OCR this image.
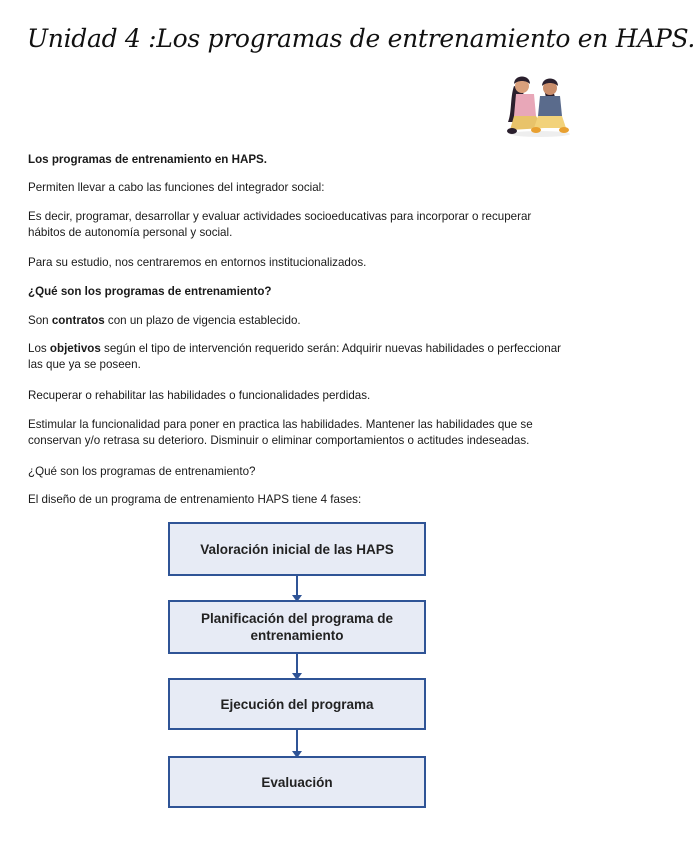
Unidad 4 :Los programas de entrenamiento en HAPS.

Los programas de entrenamiento en HAPS.

Permiten llevar a cabo las funciones del integrador social:

Es decir, programar, desarrollar y evaluar actividades socioeducativas para incorporar o recuperar hábitos de autonomía personal y social.

Para su estudio, nos centraremos en entornos institucionalizados.

¿Qué son los programas de entrenamiento?

Son contratos con un plazo de vigencia establecido.

Los objetivos según el tipo de intervención requerido serán: Adquirir nuevas habilidades o perfeccionar las que ya se poseen.

Recuperar o rehabilitar las habilidades o funcionalidades perdidas.

Estimular la funcionalidad para poner en practica las habilidades. Mantener las habilidades que se conservan y/o retrasa su deterioro. Disminuir o eliminar comportamientos o actitudes indeseadas.

¿Qué son los programas de entrenamiento?

El diseño de un programa de entrenamiento HAPS tiene 4 fases:

Valoración inicial de las HAPS
Planificación del programa de entrenamiento
Ejecución del programa
Evaluación
